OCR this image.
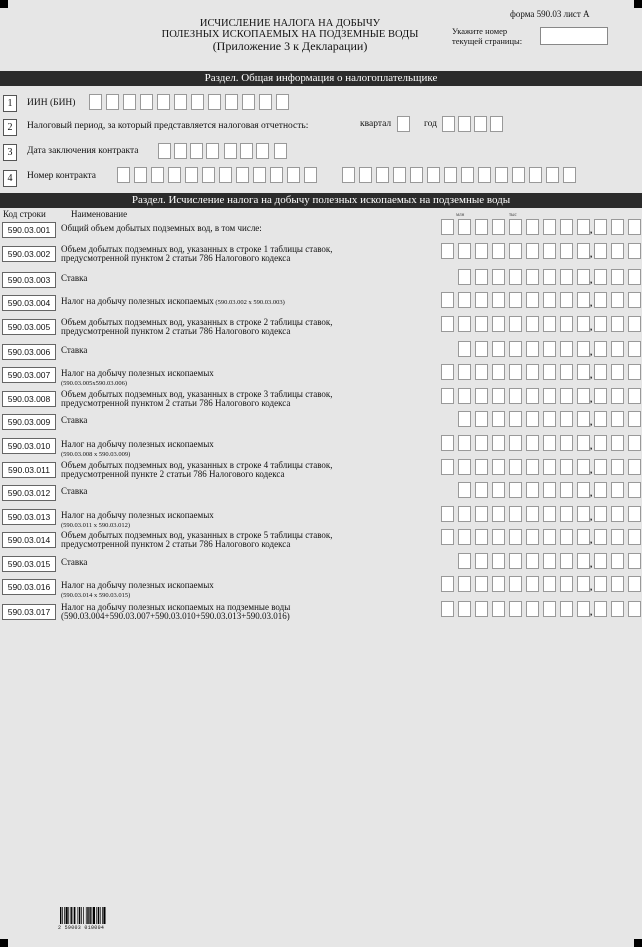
ИСЧИСЛЕНИЕ НАЛОГА НА ДОБЫЧУ
ПОЛЕЗНЫХ ИСКОПАЕМЫХ НА ПОДЗЕМНЫЕ ВОДЫ
(Приложение 3 к Декларации)
форма 590.03 лист А
Укажите номер
текущей страницы:
Раздел. Общая информация о налогоплательщике
1	ИИН (БИН)
2	Налоговый период, за который представляется налоговая отчетность:	квартал	год
3	Дата заключения контракта
4	Номер контракта
Раздел. Исчисление налога на добычу полезных ископаемых на подземные воды
Код строки	Наименование	млн	тыс
590.03.001	Общий объем добытых подземных вод, в том числе:	,
590.03.002	Объем добытых подземных вод, указанных в строке 1 таблицы ставок,
предусмотренной пунктом 2 статьи 786 Налогового кодекса	,
590.03.003	Ставка	,
590.03.004	Налог на добычу полезных ископаемых (590.03.002 х 590.03.003)	,
590.03.005	Объем добытых подземных вод, указанных в строке 2 таблицы ставок,
предусмотренной пунктом 2 статьи 786 Налогового кодекса	,
590.03.006	Ставка	,
590.03.007	Налог на добычу полезных ископаемых
(590.03.005х590.03.006)
,
590.03.008	Объем добытых подземных вод, указанных в строке 3 таблицы ставок,
предусмотренной пунктом 2 статьи 786 Налогового кодекса	,
590.03.009	Ставка	,
590.03.010	Налог на добычу полезных ископаемых
(590.03.008 х 590.03.009)
,
590.03.011	Объем добытых подземных вод, указанных в строке 4 таблицы ставок,
предусмотренной пункте 2 статьи 786 Налогового кодекса	,
590.03.012	Ставка	,
590.03.013	Налог на добычу полезных ископаемых
(590.03.011 х 590.03.012)
,
590.03.014	Объем добытых подземных вод, указанных в строке 5 таблицы ставок,
предусмотренной пунктом 2 статьи 786 Налогового кодекса	,
590.03.015	Ставка	,
590.03.016	Налог на добычу полезных ископаемых
(590.03.014 х 590.03.015)
,
590.03.017	Налог на добычу полезных ископаемых на подземные воды
(590.03.004+590.03.007+590.03.010+590.03.013+590.03.016)	,
2 59003 010004
